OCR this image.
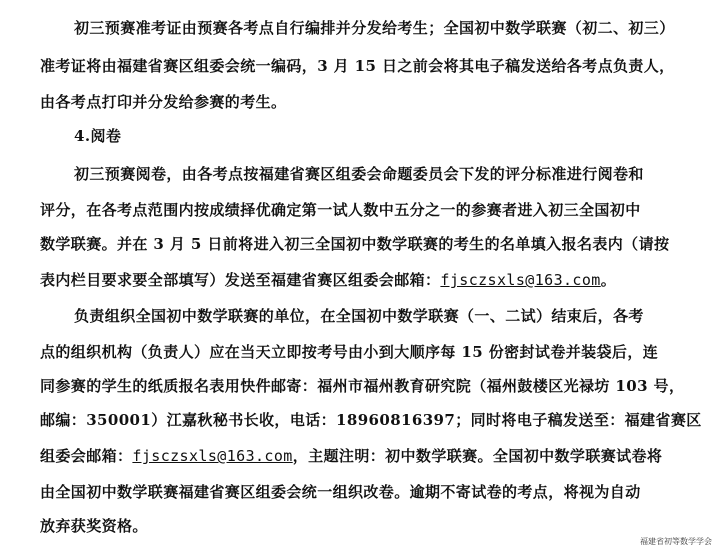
初三预赛准考证由预赛各考点自行编排并分发给考生；全国初中数学联赛（初二、初三）
准考证将由福建省赛区组委会统一编码，3 月 15 日之前会将其电子稿发送给各考点负责人，
由各考点打印并分发给参赛的考生。
4.阅卷
初三预赛阅卷，由各考点按福建省赛区组委会命题委员会下发的评分标准进行阅卷和
评分，在各考点范围内按成绩择优确定第一试人数中五分之一的参赛者进入初三全国初中
数学联赛。并在 3 月 5 日前将进入初三全国初中数学联赛的考生的名单填入报名表内（请按
表内栏目要求要全部填写）发送至福建省赛区组委会邮箱：fjsczsxls@163.com。
负责组织全国初中数学联赛的单位，在全国初中数学联赛（一、二试）结束后，各考
点的组织机构（负责人）应在当天立即按考号由小到大顺序每 15 份密封试卷并装袋后，连
同参赛的学生的纸质报名表用快件邮寄：福州市福州教育研究院（福州鼓楼区光禄坊 103 号，
邮编：350001）江嘉秋秘书长收，电话：18960816397；同时将电子稿发送至：福建省赛区
组委会邮箱：fjsczsxls@163.com，主题注明：初中数学联赛。全国初中数学联赛试卷将
由全国初中数学联赛福建省赛区组委会统一组织改卷。逾期不寄试卷的考点，将视为自动
放弃获奖资格。
福建省初等数学学会
